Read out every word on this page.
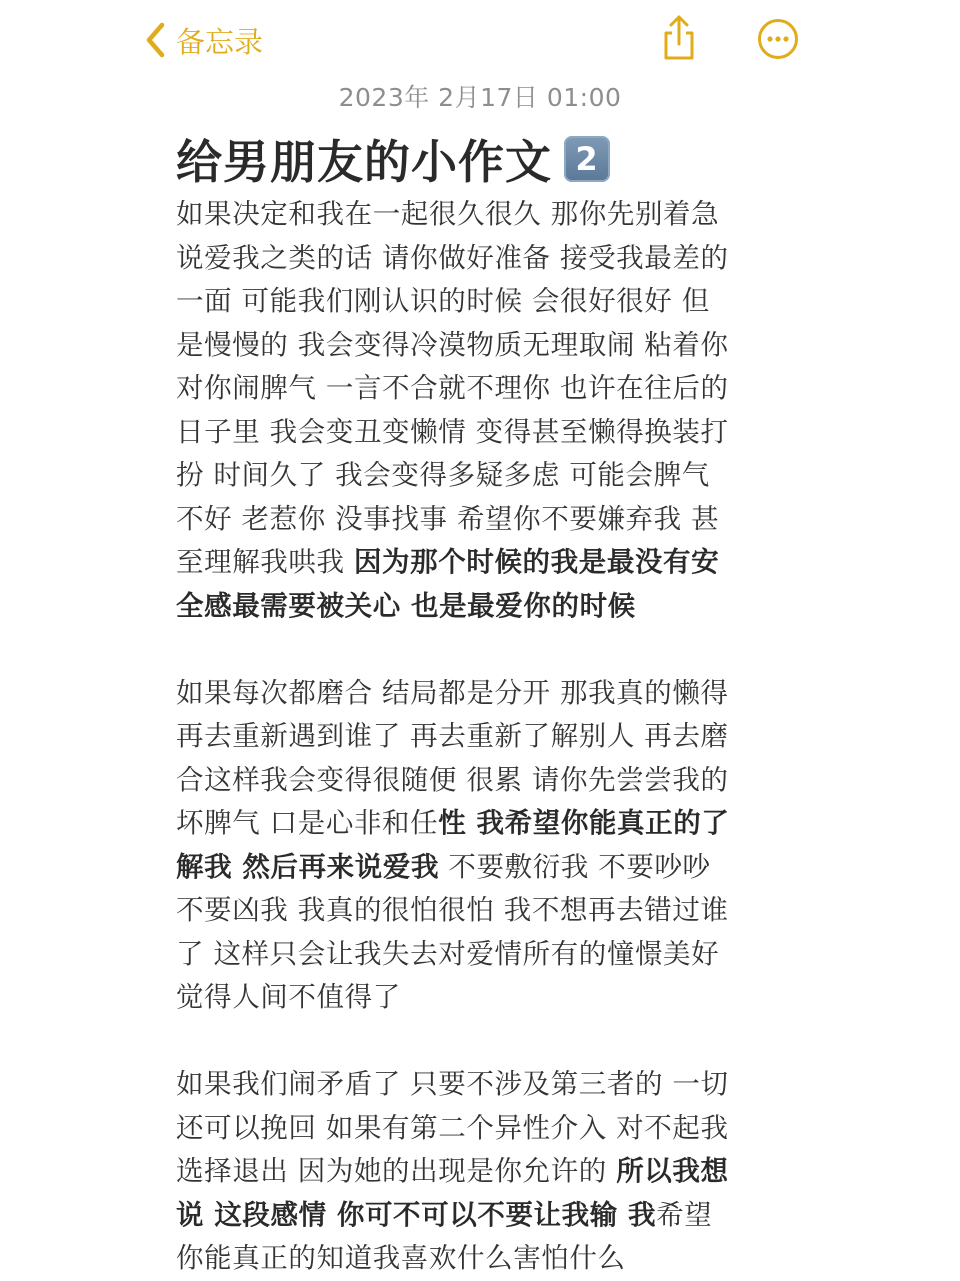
备忘录
2023年 2月17日 01:00
给男朋友的小作文 2
如果决定和我在一起很久很久 那你先别着急
说爱我之类的话 请你做好准备 接受我最差的
一面 可能我们刚认识的时候 会很好很好 但
是慢慢的 我会变得冷漠物质无理取闹 粘着你
对你闹脾气 一言不合就不理你 也许在往后的
日子里 我会变丑变懒情 变得甚至懒得换装打
扮 时间久了 我会变得多疑多虑 可能会脾气
不好 老惹你 没事找事 希望你不要嫌弃我 甚
至理解我哄我 因为那个时候的我是最没有安
全感最需要被关心 也是最爱你的时候
如果每次都磨合 结局都是分开 那我真的懒得
再去重新遇到谁了 再去重新了解别人 再去磨
合这样我会变得很随便 很累 请你先尝尝我的
坏脾气 口是心非和任性 我希望你能真正的了
解我 然后再来说爱我 不要敷衍我 不要吵吵
不要凶我 我真的很怕很怕 我不想再去错过谁
了 这样只会让我失去对爱情所有的憧憬美好
觉得人间不值得了
如果我们闹矛盾了 只要不涉及第三者的 一切
还可以挽回 如果有第二个异性介入 对不起我
选择退出 因为她的出现是你允许的 所以我想
说 这段感情 你可不可以不要让我输 我希望
你能真正的知道我喜欢什么害怕什么
